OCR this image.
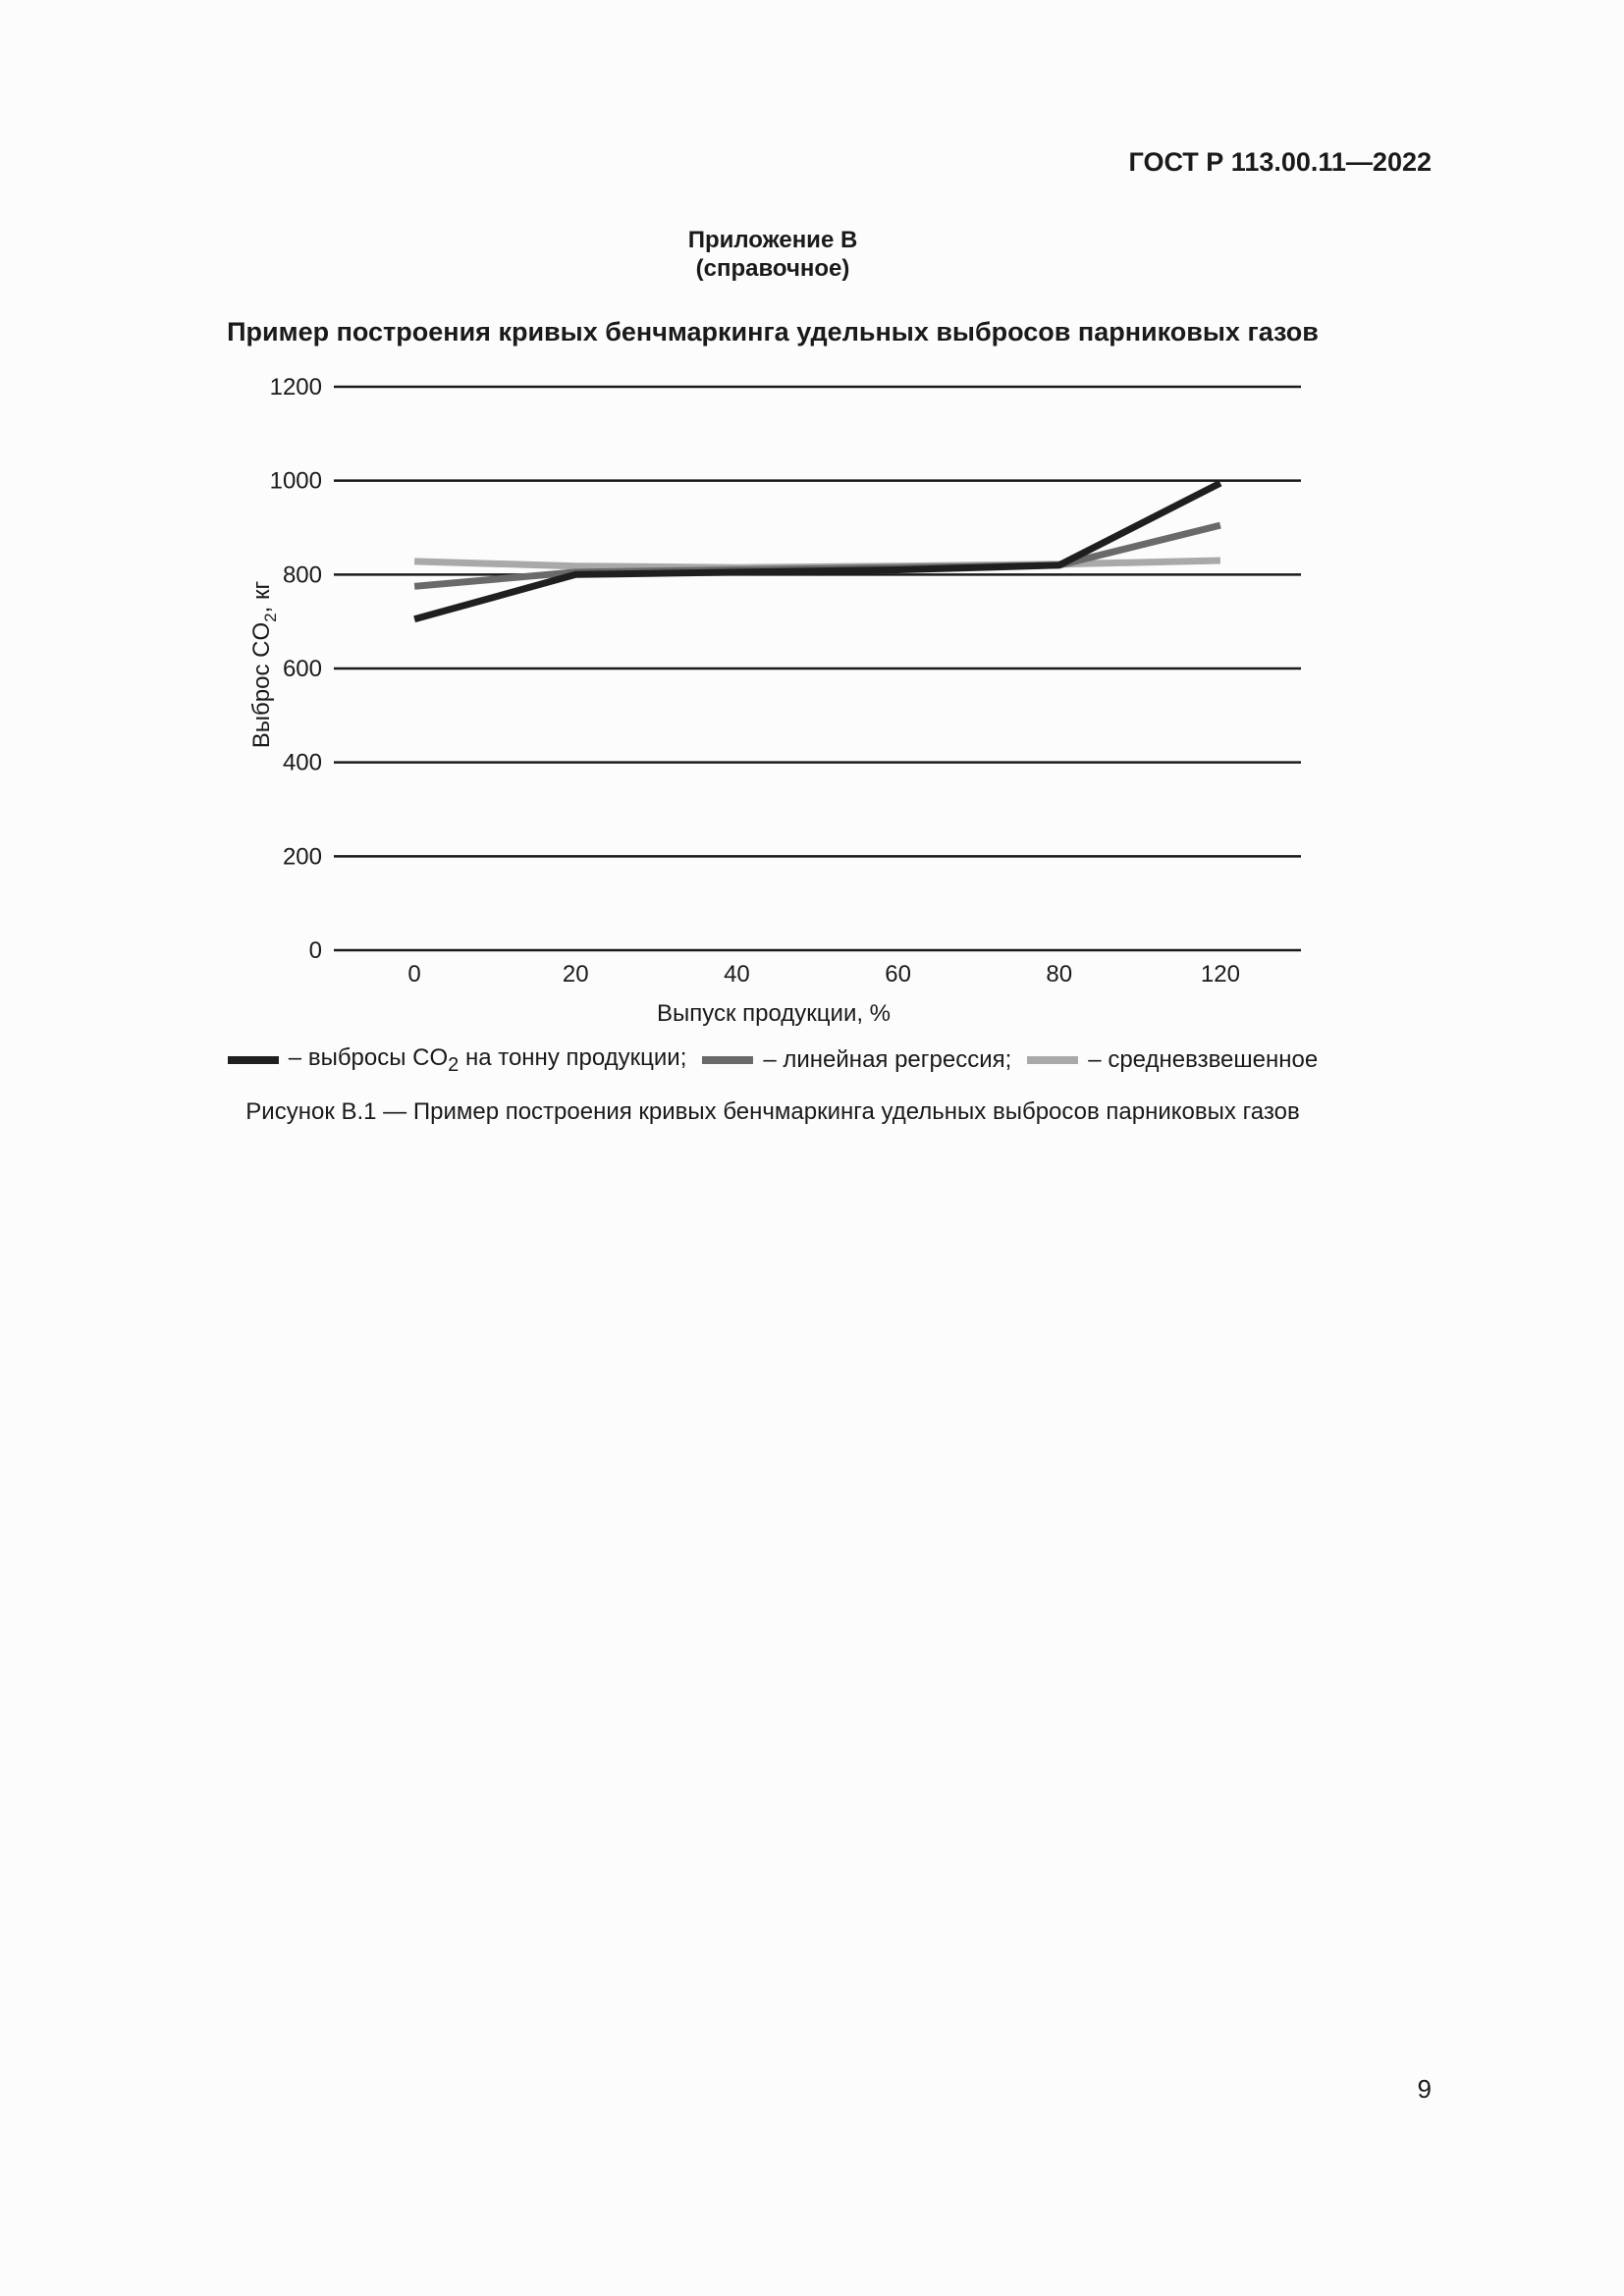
ГОСТ Р 113.00.11—2022
Приложение В
(справочное)
Пример построения кривых бенчмаркинга удельных выбросов парниковых газов
0
200
400
600
800
1000
1200
0	20	40	60	80	120
Выпуск продукции, %
Выброс $CO_2$, кг
– выбросы $CO_2$ на тонну продукции;	– линейная регрессия;	– средневзвешенное
Рисунок В.1 — Пример построения кривых бенчмаркинга удельных выбросов парниковых газов
9
